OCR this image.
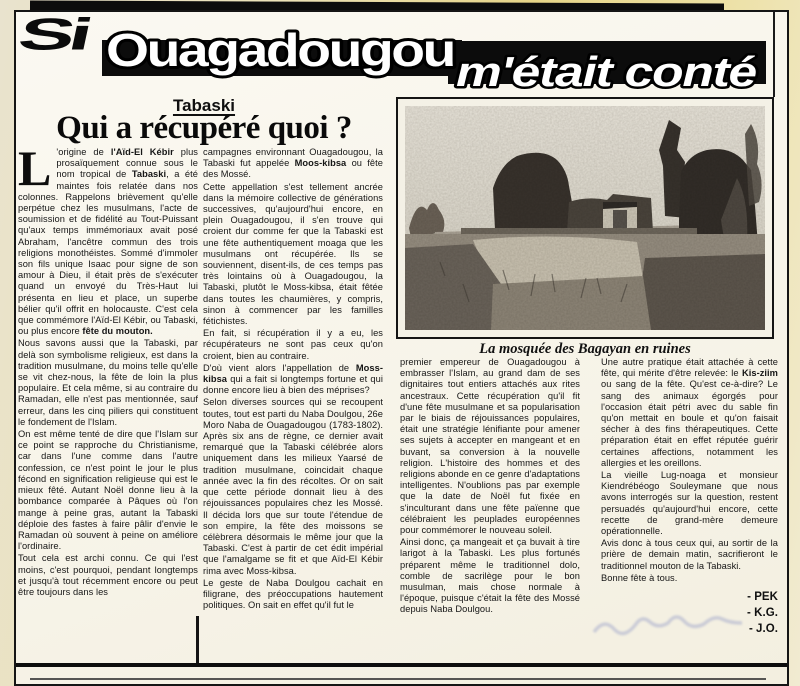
Si Ouagadougou m'était conté
Tabaski
Qui a récupéré quoi ?
La mosquée des Bagayan en ruines

L 'origine de l'Aïd-El Kébir plus prosaïquement connue sous le nom tropical de Tabaski, a été maintes fois relatée dans nos colonnes. Rappelons brièvement qu'elle perpétue chez les musulmans, l'acte de soumission et de fidélité au Tout-Puissant qu'aux temps immémoriaux avait posé Abraham, l'ancêtre commun des trois religions monothéistes. Sommé d'immoler son fils unique Isaac pour signe de son amour à Dieu, il était près de s'exécuter quand un envoyé du Très-Haut lui présenta en lieu et place, un superbe bélier qu'il offrit en holocauste. C'est cela que commémore l'Aïd-El Kébir, ou Tabaski, ou plus encore fête du mouton.

Nous savons aussi que la Tabaski, par delà son symbolisme religieux, est dans la tradition musulmane, du moins telle qu'elle se vit chez-nous, la fête de loin la plus populaire. Et cela même, si au contraire du Ramadan, elle n'est pas mentionnée, sauf erreur, dans les cinq piliers qui constituent le fondement de l'Islam.

On est même tenté de dire que l'Islam sur ce point se rapproche du Christianisme, car dans l'une comme dans l'autre confession, ce n'est point le jour le plus fécond en signification religieuse qui est le mieux fêté. Autant Noël donne lieu à la bombance comparée à Pâques où l'on mange à peine gras, autant la Tabaski déploie des fastes à faire pâlir d'envie le Ramadan où souvent à peine on améliore l'ordinaire.

Tout cela est archi connu. Ce qui l'est moins, c'est pourquoi, pendant longtemps et jusqu'à tout récemment encore ou peut être toujours dans les

campagnes environnant Ouagadougou, la Tabaski fut appelée Moos-kibsa ou fête des Mossé.

Cette appellation s'est tellement ancrée dans la mémoire collective de générations successives, qu'aujourd'hui encore, en plein Ouagadougou, il s'en trouve qui croient dur comme fer que la Tabaski est une fête authentiquement moaga que les musulmans ont récupérée. Ils se souviennent, disent-ils, de ces temps pas très lointains où à Ouagadougou, la Tabaski, plutôt le Moss-kibsa, était fêtée dans toutes les chaumières, y compris, sinon à commencer par les familles fétichistes.

En fait, si récupération il y a eu, les récupérateurs ne sont pas ceux qu'on croient, bien au contraire.

D'où vient alors l'appellation de Moss-kibsa qui a fait si longtemps fortune et qui donne encore lieu à bien des méprises?

Selon diverses sources qui se recoupent toutes, tout est parti du Naba Doulgou, 26e Moro Naba de Ouagadougou (1783-1802). Après six ans de règne, ce dernier avait remarqué que la Tabaski célébrée alors uniquement dans les milieux Yaarsé de tradition musulmane, coincidait chaque année avec la fin des récoltes. Or on sait que cette période donnait lieu à des réjouissances populaires chez les Mossé. Il décida lors que sur toute l'étendue de son empire, la fête des moissons se célèbrera désormais le même jour que la Tabaski. C'est à partir de cet édit impérial que l'amalgame se fit et que Aïd-El Kébir rima avec Moss-kibsa.

Le geste de Naba Doulgou cachait en filigrane, des préoccupations hautement politiques. On sait en effet qu'il fut le

premier empereur de Ouagadougou à embrasser l'Islam, au grand dam de ses dignitaires tout entiers attachés aux rites ancestraux. Cette récupération qu'il fit d'une fête musulmane et sa popularisation par le biais de réjouissances populaires, était une stratégie lénifiante pour amener ses sujets à accepter en mangeant et en buvant, sa conversion à la nouvelle religion. L'histoire des hommes et des religions abonde en ce genre d'adaptations intelligentes. N'oublions pas par exemple que la date de Noël fut fixée en s'inculturant dans une fête païenne que célébraient les peuplades européennes pour commémorer le nouveau soleil.

Ainsi donc, ça mangeait et ça buvait à tire larigot à la Tabaski. Les plus fortunés préparent même le traditionnel dolo, comble de sacrilège pour le bon musulman, mais chose normale à l'époque, puisque c'était la fête des Mossé depuis Naba Doulgou.

Une autre pratique était attachée à cette fête, qui mérite d'être relevée: le Kis-ziim ou sang de la fête. Qu'est ce-à-dire? Le sang des animaux égorgés pour l'occasion était pétri avec du sable fin qu'on mettait en boule et qu'on faisait sécher à des fins thérapeutiques. Cette préparation était en effet réputée guérir certaines affections, notamment les allergies et les oreillons.

La vieille Lug-noaga et monsieur Kiendrébéogo Souleymane que nous avons interrogés sur la question, restent persuadés qu'aujourd'hui encore, cette recette de grand-mère demeure opérationnelle.

Avis donc à tous ceux qui, au sortir de la prière de demain matin, sacrifieront le traditionnel mouton de la Tabaski.

Bonne fête à tous.

- PEK
- K.G.
- J.O.
